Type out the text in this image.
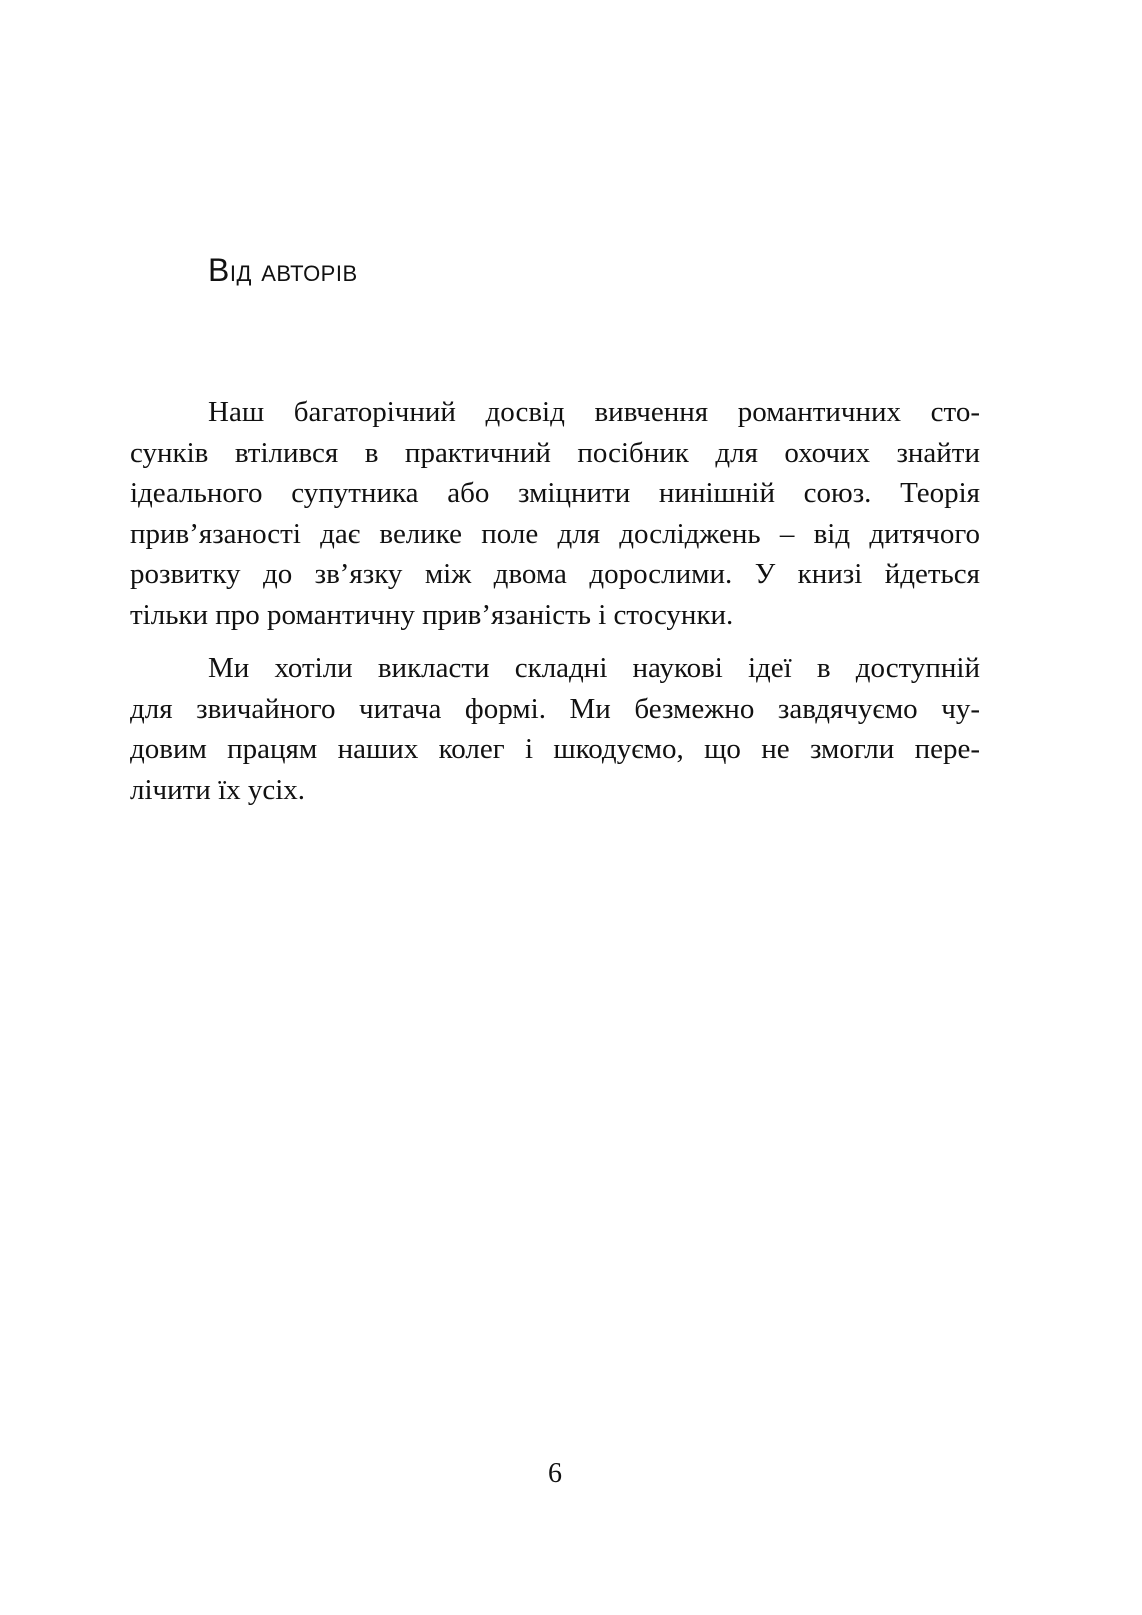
Від авторів
Наш багаторічний досвід вивчення романтичних сто-
сунків втілився в практичний посібник для охочих знайти
ідеального супутника або зміцнити нинішній союз. Теорія
прив’язаності дає велике поле для досліджень – від дитячого
розвитку до зв’язку між двома дорослими. У книзі йдеться
тільки про романтичну прив’язаність і стосунки.
Ми хотіли викласти складні наукові ідеї в доступній
для звичайного читача формі. Ми безмежно завдячуємо чу-
довим працям наших колег і шкодуємо, що не змогли пере-
лічити їх усіх.
6
